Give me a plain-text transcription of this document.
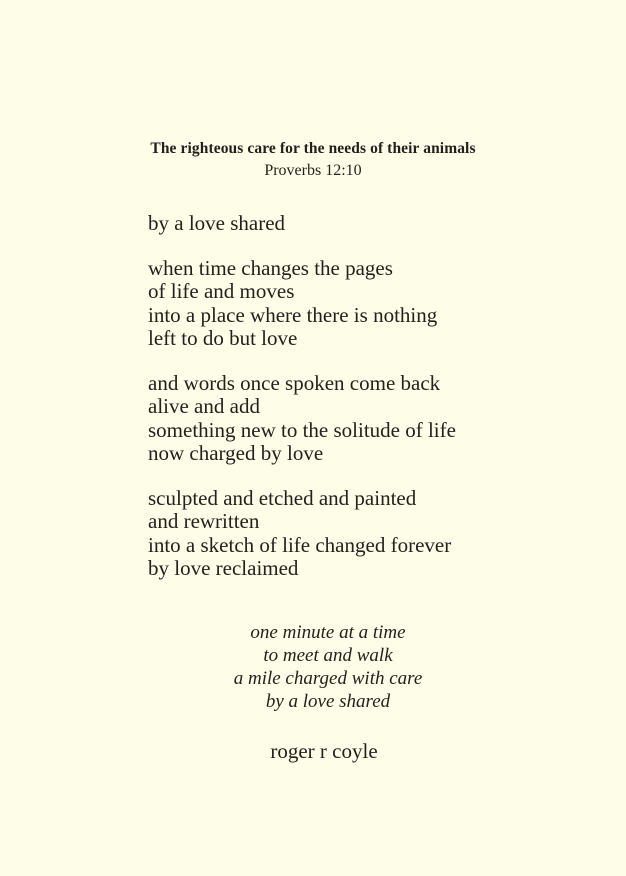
The righteous care for the needs of their animals
Proverbs 12:10
by a love shared
when time changes the pages
of life and moves
into a place where there is nothing
left to do but love
and words once spoken come back
alive and add
something new to the solitude of life
now charged by love
sculpted and etched and painted
and rewritten
into a sketch of life changed forever
by love reclaimed
one minute at a time
to meet and walk
a mile charged with care
by a love shared
roger r coyle
